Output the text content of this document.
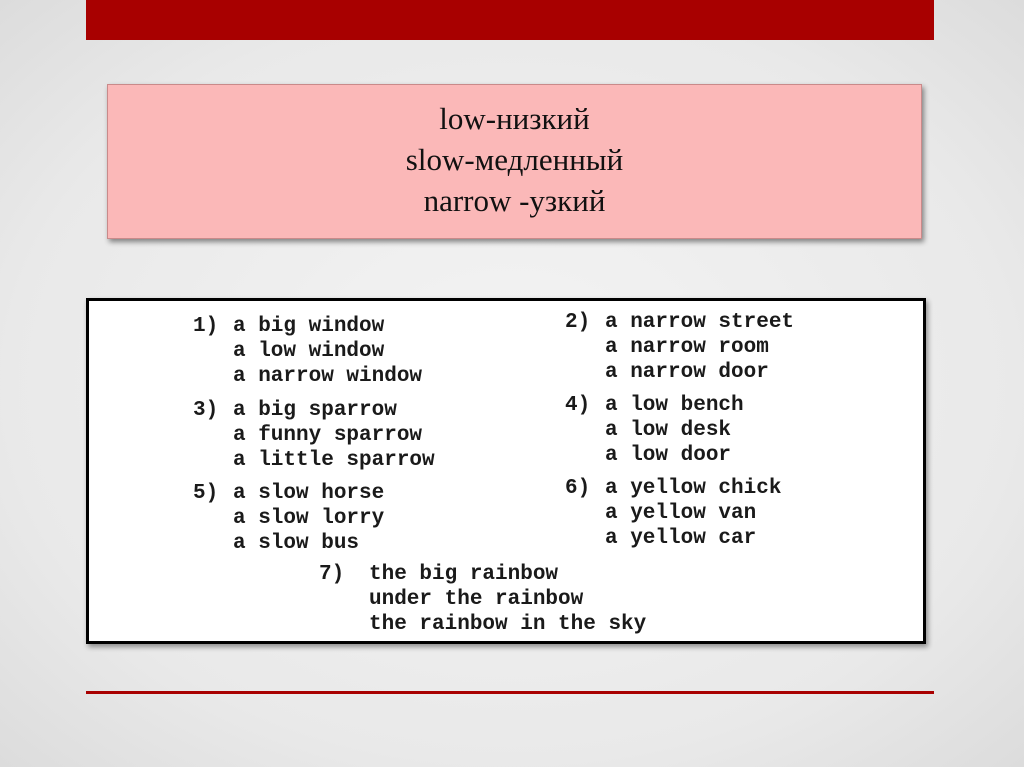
low-низкий
slow-медленный
narrow -узкий
1) a big window
a low window
a narrow window
2) a narrow street
a narrow room
a narrow door
3) a big sparrow
a funny sparrow
a little sparrow
4) a low bench
a low desk
a low door
5) a slow horse
a slow lorry
a slow bus
6) a yellow chick
a yellow van
a yellow car
7)	the big rainbow
under the rainbow
the rainbow in the sky
